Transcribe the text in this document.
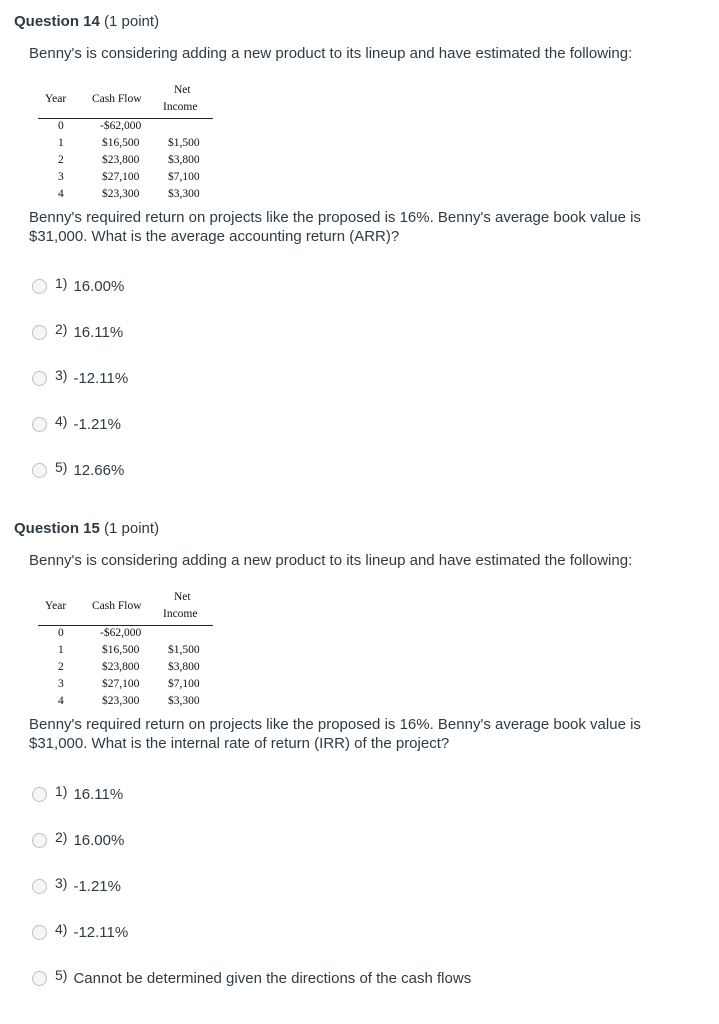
Question 14 (1 point)
Benny's is considering adding a new product to its lineup and have estimated the following:
Year Cash Flow
Net
Income
0	-$62,000
1	$16,500 $1,500
2	$23,800 $3,800
3	$27,100 $7,100
4	$23,300 $3,300
Benny's required return on projects like the proposed is 16%. Benny's average book value is $31,000. What is the average accounting return (ARR)?
1) 16.00%
2) 16.11%
3) -12.11%
4) -1.21%
5) 12.66%
Question 15 (1 point)
Benny's is considering adding a new product to its lineup and have estimated the following:
Year Cash Flow
Net
Income
0	-$62,000
1	$16,500 $1,500
2	$23,800 $3,800
3	$27,100 $7,100
4	$23,300 $3,300
Benny's required return on projects like the proposed is 16%. Benny's average book value is $31,000. What is the internal rate of return (IRR) of the project?
1) 16.11%
2) 16.00%
3) -1.21%
4) -12.11%
5) Cannot be determined given the directions of the cash flows
